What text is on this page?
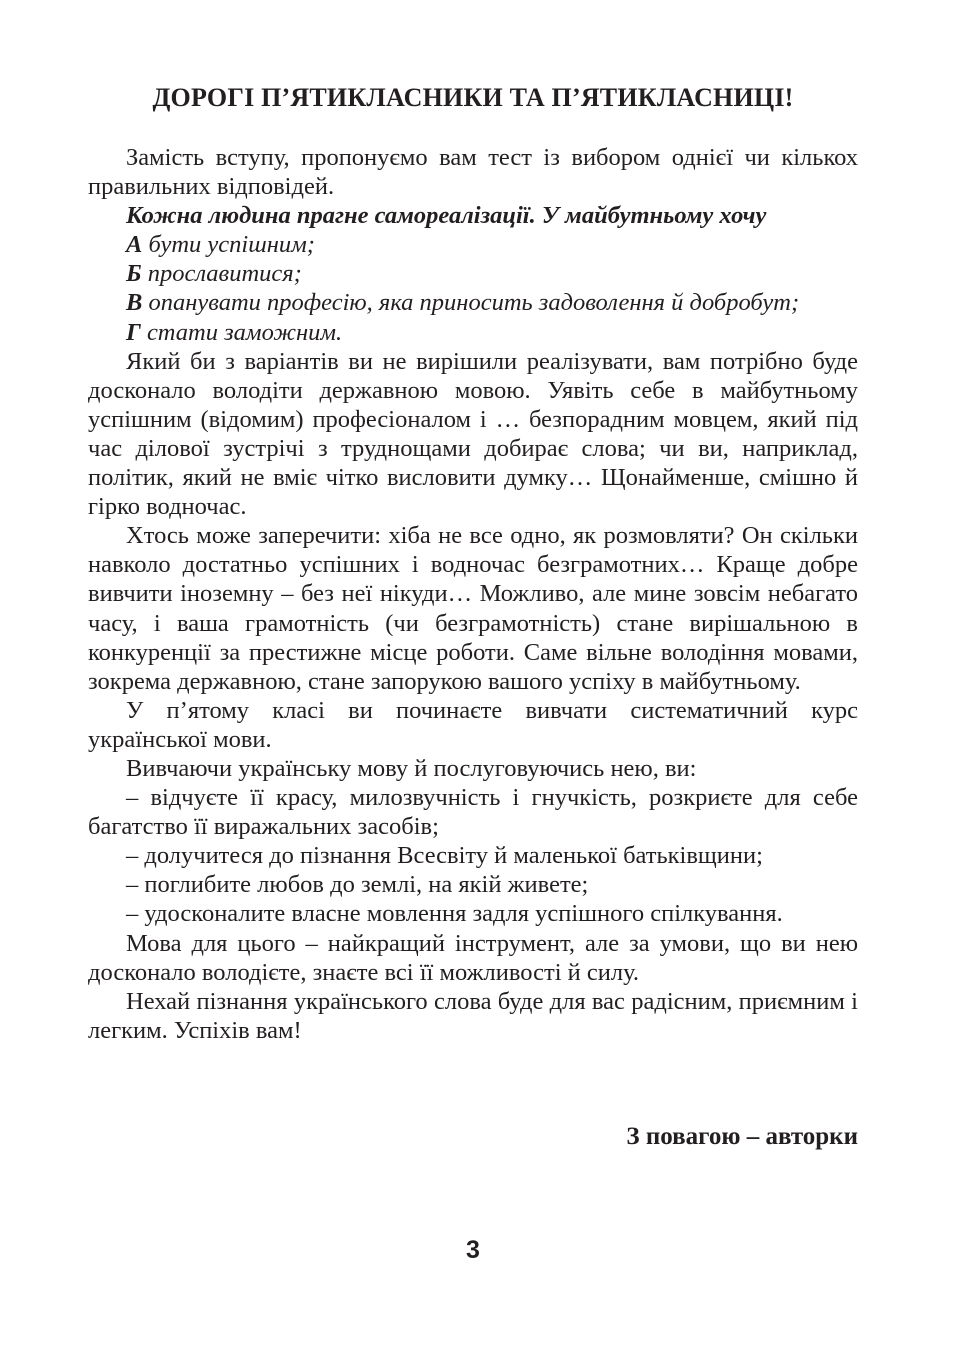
ДОРОГІ П’ЯТИКЛАСНИКИ ТА П’ЯТИКЛАСНИЦІ!

Замість вступу, пропонуємо вам тест із вибором однієї чи кількох правильних відповідей.

Кожна людина прагне самореалізації. У майбутньому хочу

А бути успішним;

Б прославитися;

В опанувати професію, яка приносить задоволення й добробут;

Г стати заможним.

Який би з варіантів ви не вирішили реалізувати, вам потрібно буде досконало володіти державною мовою. Уявіть себе в майбутньому успішним (відомим) професіоналом і … безпорадним мовцем, який під час ділової зустрічі з труднощами добирає слова; чи ви, наприклад, політик, який не вміє чітко висловити думку… Щонайменше, смішно й гірко водночас.

Хтось може заперечити: хіба не все одно, як розмовляти? Он скільки навколо достатньо успішних і водночас безграмотних… Краще добре вивчити іноземну – без неї нікуди… Можливо, але мине зовсім небагато часу, і ваша грамотність (чи безграмотність) стане вирішальною в конкуренції за престижне місце роботи. Саме вільне володіння мовами, зокрема державною, стане запорукою вашого успіху в майбутньому.

У п’ятому класі ви починаєте вивчати систематичний курс української мови.

Вивчаючи українську мову й послуговуючись нею, ви:

– відчуєте її красу, милозвучність і гнучкість, розкриєте для себе багатство її виражальних засобів;

– долучитеся до пізнання Всесвіту й маленької батьківщини;

– поглибите любов до землі, на якій живете;

– удосконалите власне мовлення задля успішного спілкування.

Мова для цього – найкращий інструмент, але за умови, що ви нею досконало володієте, знаєте всі її можливості й силу.

Нехай пізнання українського слова буде для вас радісним, приємним і легким. Успіхів вам!

З повагою – авторки
3
